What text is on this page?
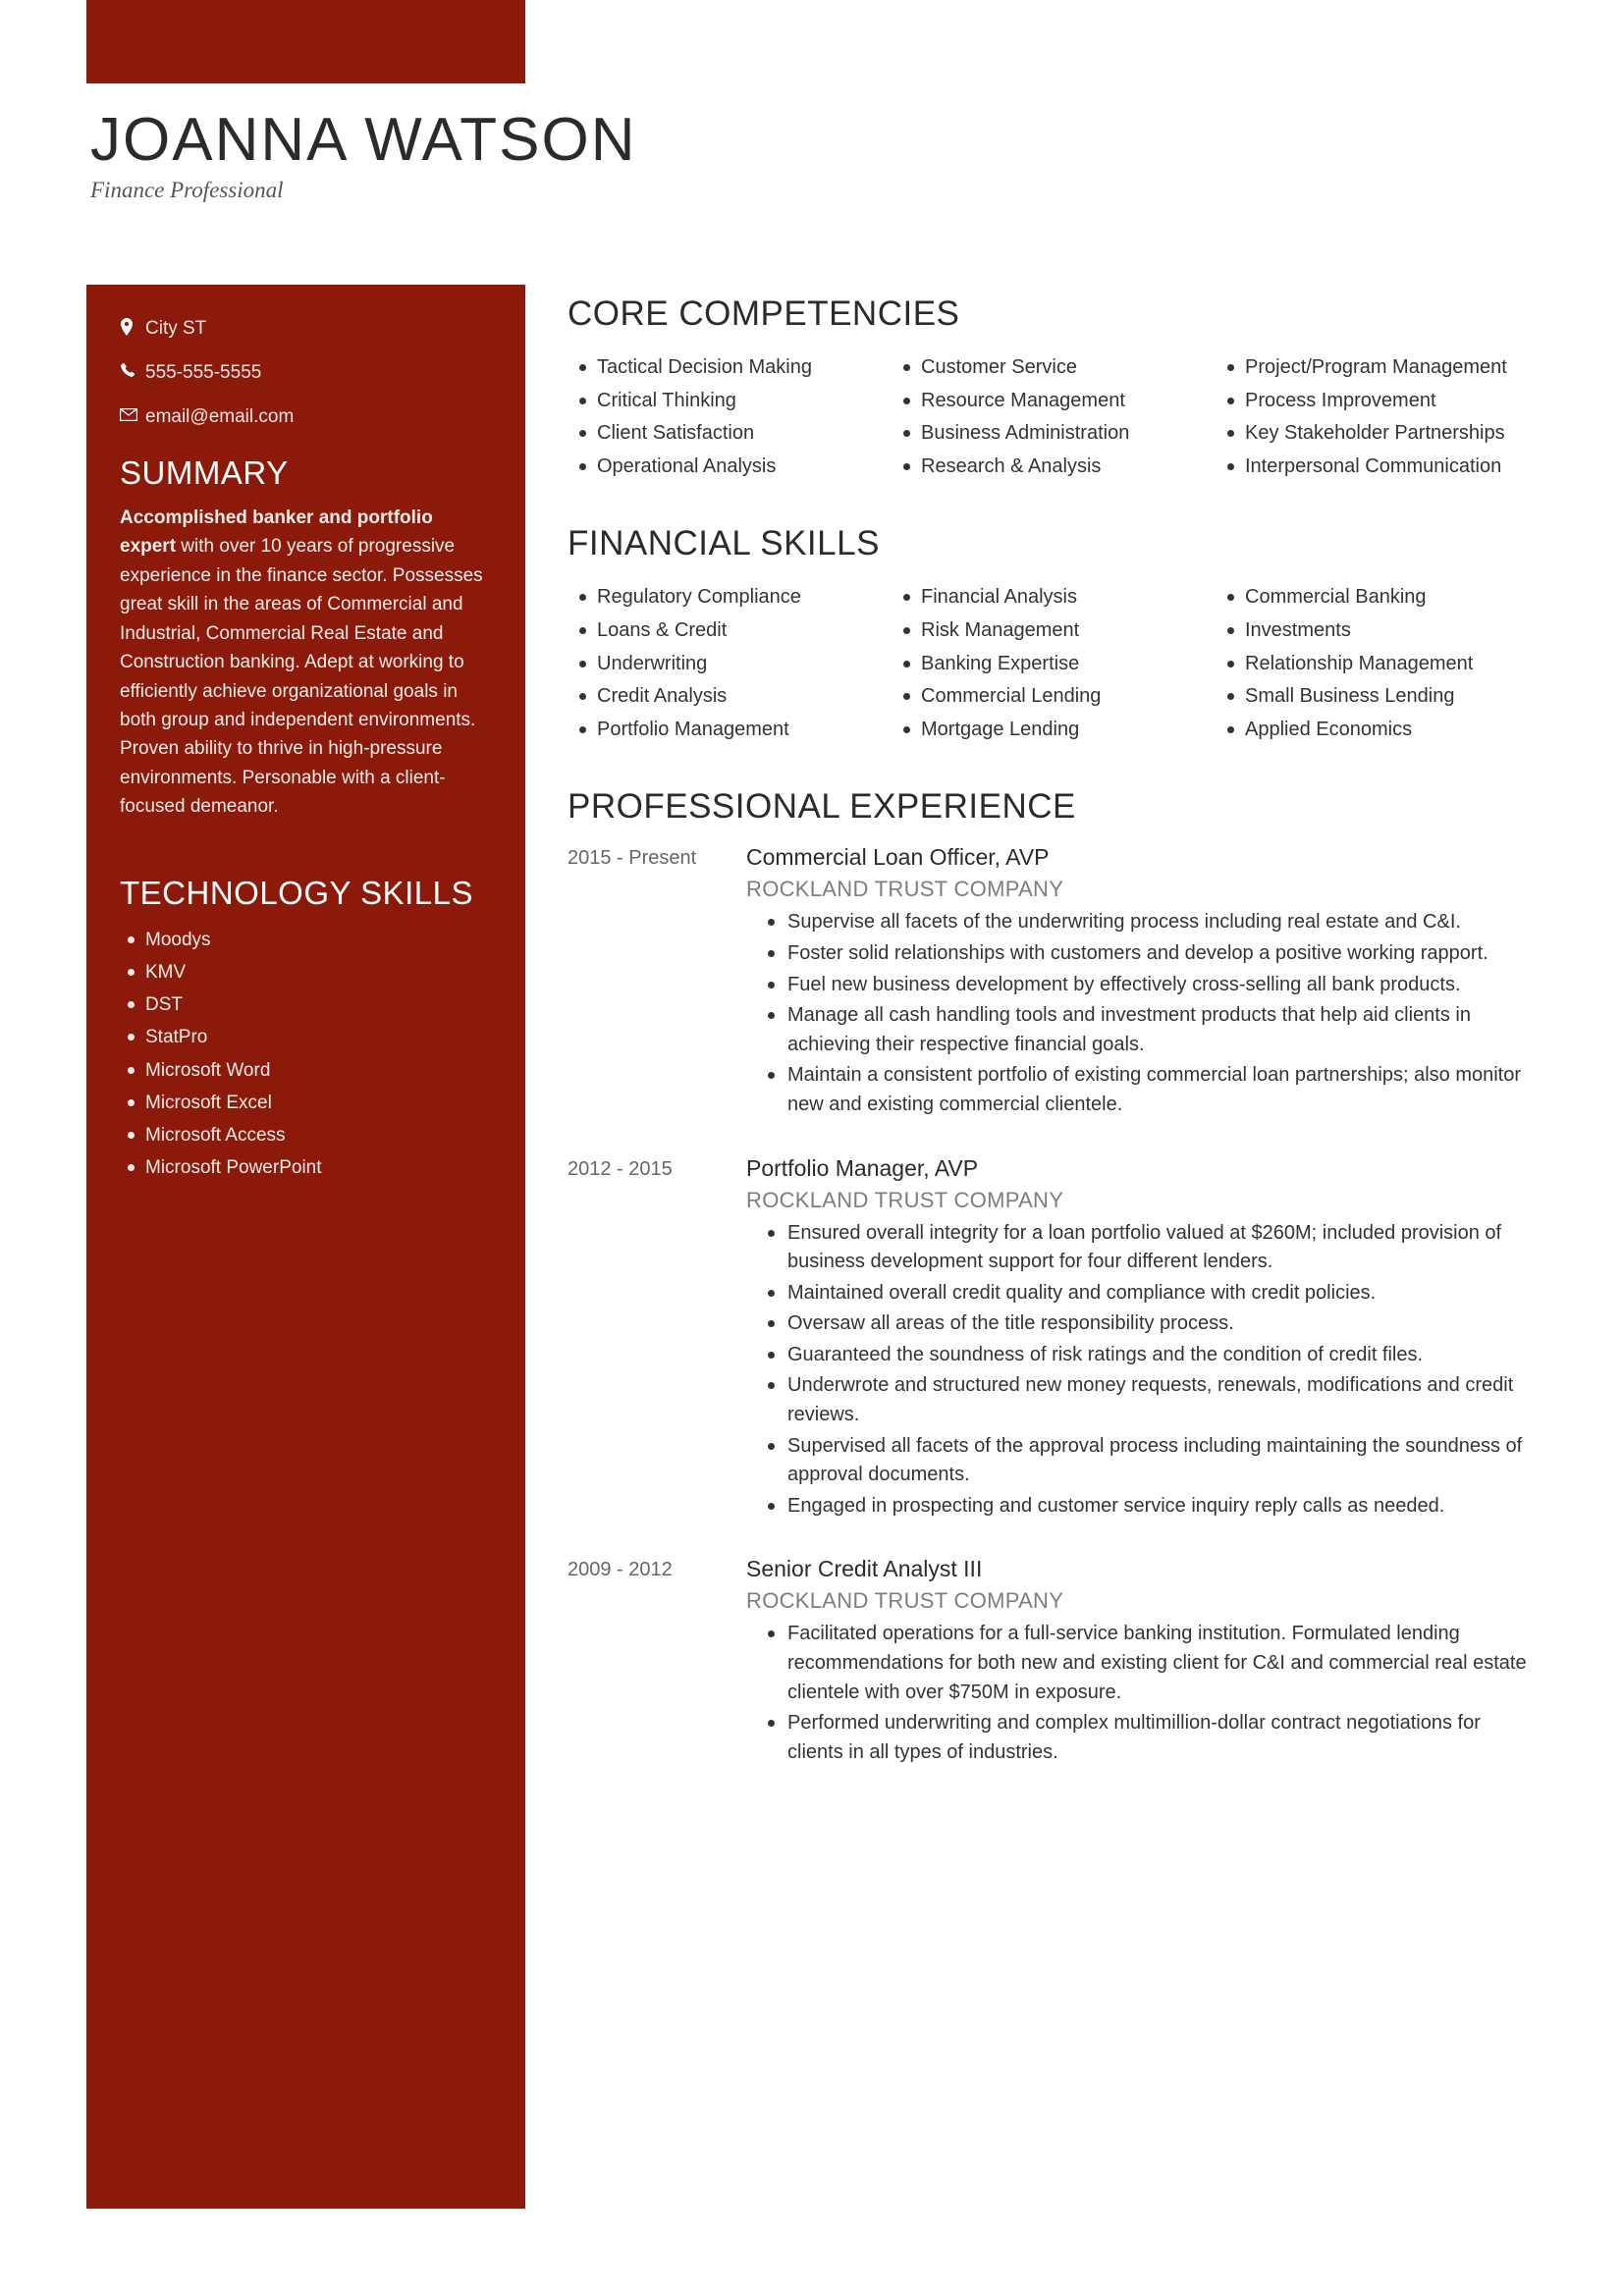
JOANNA WATSON
Finance Professional
City ST
555-555-5555
email@email.com
SUMMARY
Accomplished banker and portfolio expert with over 10 years of progressive experience in the finance sector. Possesses great skill in the areas of Commercial and Industrial, Commercial Real Estate and Construction banking. Adept at working to efficiently achieve organizational goals in both group and independent environments. Proven ability to thrive in high-pressure environments. Personable with a client-focused demeanor.
TECHNOLOGY SKILLS
Moodys
KMV
DST
StatPro
Microsoft Word
Microsoft Excel
Microsoft Access
Microsoft PowerPoint
CORE COMPETENCIES
Tactical Decision Making
Critical Thinking
Client Satisfaction
Operational Analysis
Customer Service
Resource Management
Business Administration
Research & Analysis
Project/Program Management
Process Improvement
Key Stakeholder Partnerships
Interpersonal Communication
FINANCIAL SKILLS
Regulatory Compliance
Loans & Credit
Underwriting
Credit Analysis
Portfolio Management
Financial Analysis
Risk Management
Banking Expertise
Commercial Lending
Mortgage Lending
Commercial Banking
Investments
Relationship Management
Small Business Lending
Applied Economics
PROFESSIONAL EXPERIENCE
2015 - Present	Commercial Loan Officer, AVP
ROCKLAND TRUST COMPANY
Supervise all facets of the underwriting process including real estate and C&I.
Foster solid relationships with customers and develop a positive working rapport.
Fuel new business development by effectively cross-selling all bank products.
Manage all cash handling tools and investment products that help aid clients in achieving their respective financial goals.
Maintain a consistent portfolio of existing commercial loan partnerships; also monitor new and existing commercial clientele.
2012 - 2015	Portfolio Manager, AVP
ROCKLAND TRUST COMPANY
Ensured overall integrity for a loan portfolio valued at $260M; included provision of business development support for four different lenders.
Maintained overall credit quality and compliance with credit policies.
Oversaw all areas of the title responsibility process.
Guaranteed the soundness of risk ratings and the condition of credit files.
Underwrote and structured new money requests, renewals, modifications and credit reviews.
Supervised all facets of the approval process including maintaining the soundness of approval documents.
Engaged in prospecting and customer service inquiry reply calls as needed.
2009 - 2012	Senior Credit Analyst III
ROCKLAND TRUST COMPANY
Facilitated operations for a full-service banking institution. Formulated lending recommendations for both new and existing client for C&I and commercial real estate clientele with over $750M in exposure.
Performed underwriting and complex multimillion-dollar contract negotiations for clients in all types of industries.
